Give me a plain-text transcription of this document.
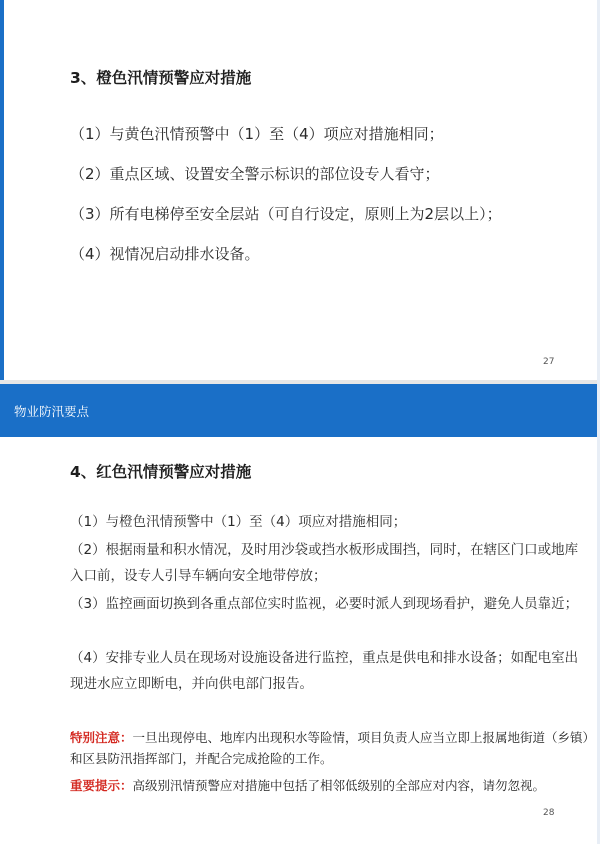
3、橙色汛情预警应对措施
（1）与黄色汛情预警中（1）至（4）项应对措施相同；
（2）重点区域、设置安全警示标识的部位设专人看守；
（3）所有电梯停至安全层站（可自行设定，原则上为2层以上）；
（4）视情况启动排水设备。
27
物业防汛要点
4、红色汛情预警应对措施

（1）与橙色汛情预警中（1）至（4）项应对措施相同；

（2）根据雨量和积水情况，及时用沙袋或挡水板形成围挡，同时，在辖区门口或地库入口前，设专人引导车辆向安全地带停放；

（3）监控画面切换到各重点部位实时监视，必要时派人到现场看护，避免人员靠近；

（4）安排专业人员在现场对设施设备进行监控，重点是供电和排水设备；如配电室出现进水应立即断电，并向供电部门报告。

特别注意：一旦出现停电、地库内出现积水等险情，项目负责人应当立即上报属地街道（乡镇）和区县防汛指挥部门，并配合完成抢险的工作。

重要提示：高级别汛情预警应对措施中包括了相邻低级别的全部应对内容，请勿忽视。

28
